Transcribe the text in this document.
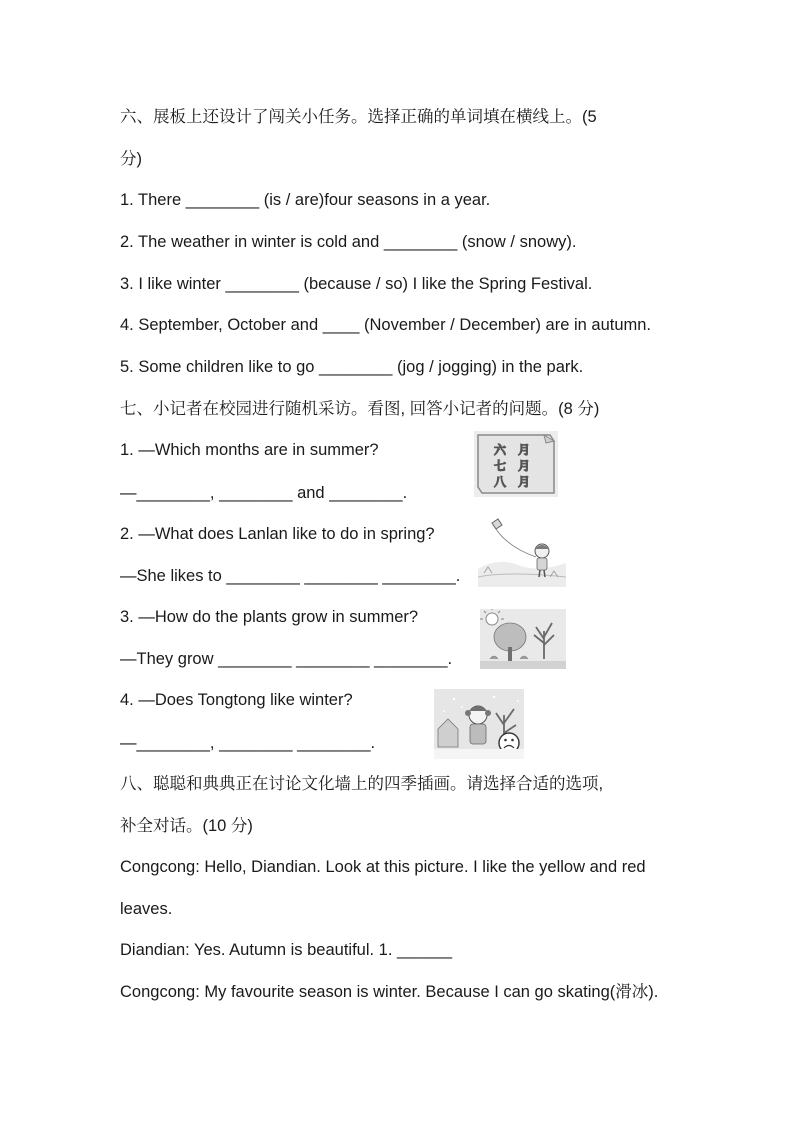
六、展板上还设计了闯关小任务。选择正确的单词填在横线上。(5
分)
1. There ________ (is / are)four seasons in a year.
2. The weather in winter is cold and ________ (snow / snowy).
3. I like winter ________ (because / so) I like the Spring Festival.
4. September, October and ____ (November / December) are in autumn.
5. Some children like to go ________ (jog / jogging) in the park.
七、小记者在校园进行随机采访。看图, 回答小记者的问题。(8 分)
1. —Which months are in summer?
—________, ________ and ________.
2. —What does Lanlan like to do in spring?
—She likes to ________ ________ ________.
3. —How do the plants grow in summer?
—They grow ________ ________ ________.
4. —Does Tongtong like winter?
—________, ________ ________.
六 月
七 月
八 月
八、聪聪和典典正在讨论文化墙上的四季插画。请选择合适的选项,
补全对话。(10 分)
Congcong: Hello, Diandian. Look at this picture. I like the yellow and red
leaves.
Diandian: Yes. Autumn is beautiful. 1. ______
Congcong: My favourite season is winter. Because I can go skating(滑冰).
